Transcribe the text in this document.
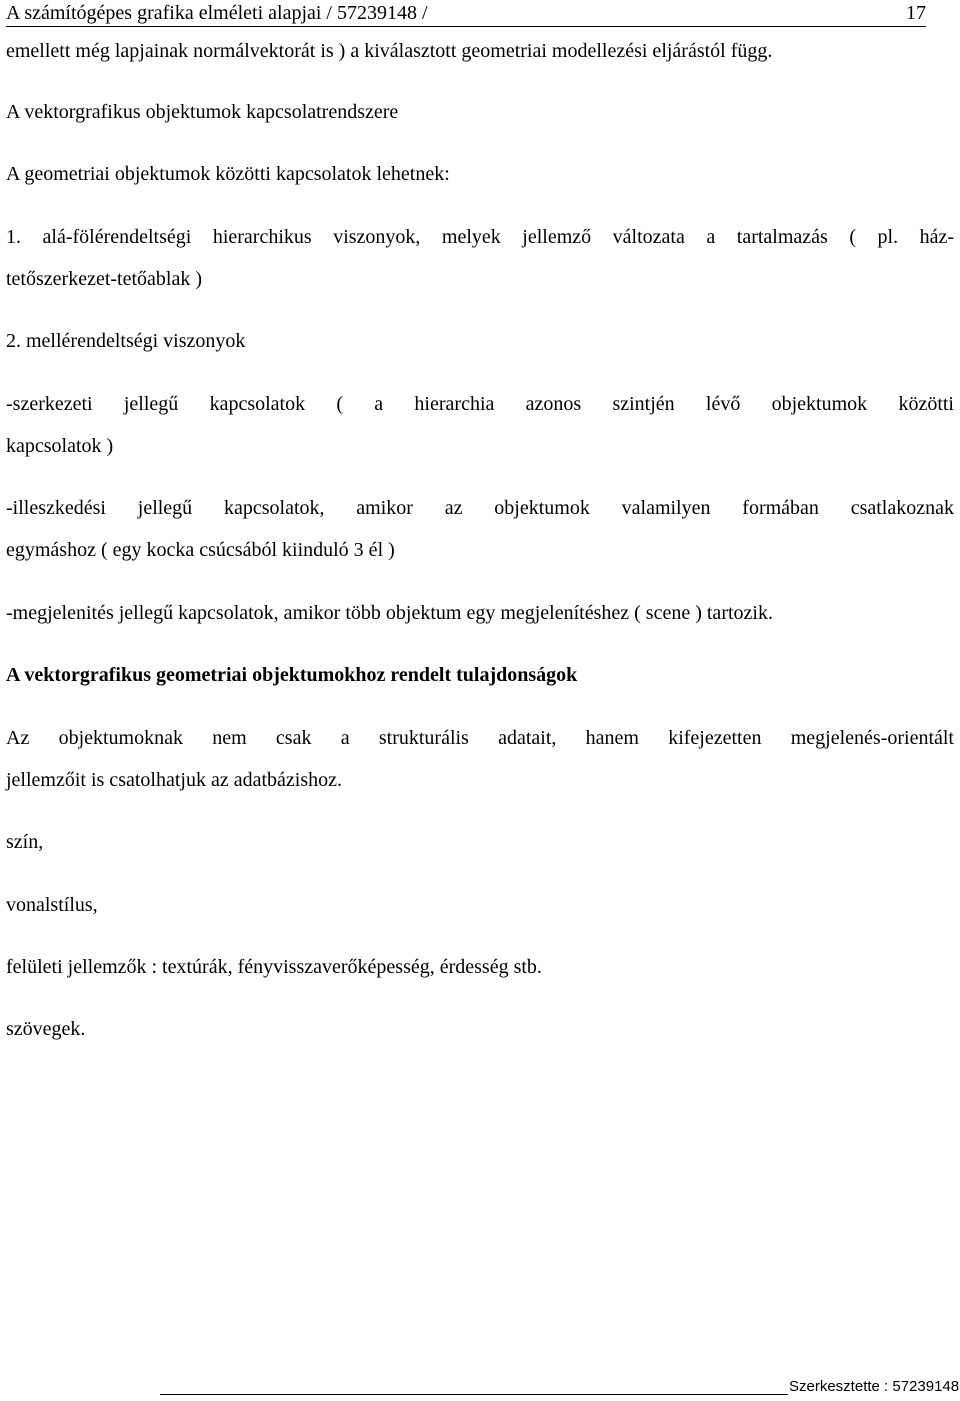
A számítógépes grafika elméleti alapjai / 57239148 /	17
emellett még lapjainak normálvektorát is ) a kiválasztott geometriai modellezési eljárástól függ.
A vektorgrafikus objektumok kapcsolatrendszere
A geometriai objektumok közötti kapcsolatok lehetnek:
1. alá-fölérendeltségi hierarchikus viszonyok, melyek jellemző változata a tartalmazás ( pl. ház-
tetőszerkezet-tetőablak )
2. mellérendeltségi viszonyok
-szerkezeti jellegű kapcsolatok ( a hierarchia azonos szintjén lévő objektumok közötti
kapcsolatok )
-illeszkedési jellegű kapcsolatok, amikor az objektumok valamilyen formában csatlakoznak
egymáshoz ( egy kocka csúcsából kiinduló 3 él )
-megjelenités jellegű kapcsolatok, amikor több objektum egy megjelenítéshez ( scene ) tartozik.
A vektorgrafikus geometriai objektumokhoz rendelt tulajdonságok
Az objektumoknak nem csak a strukturális adatait, hanem kifejezetten megjelenés-orientált
jellemzőit is csatolhatjuk az adatbázishoz.
szín,
vonalstílus,
felületi jellemzők : textúrák, fényvisszaverőképesség, érdesség stb.
szövegek.
Szerkesztette : 57239148
